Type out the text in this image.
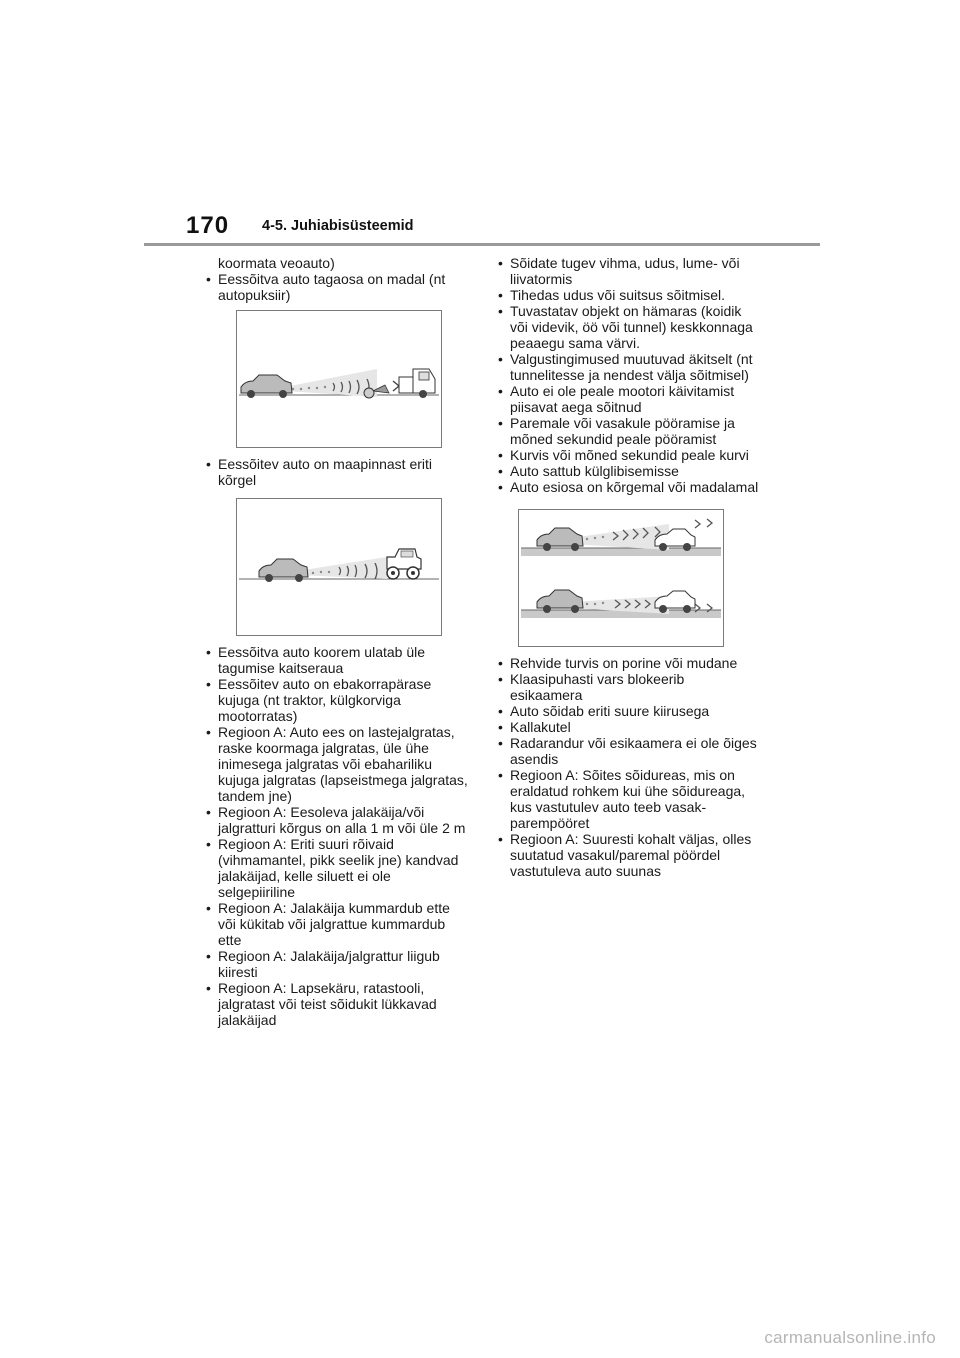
170 4-5. Juhiabisüsteemid
koormata veoauto)
• Eessõitva auto tagaosa on madal (nt autopuksiir)
• Eessõitev auto on maapinnast eriti kõrgel
• Eessõitva auto koorem ulatab üle tagumise kaitseraua
• Eessõitev auto on ebakorrapärase kujuga (nt traktor, külgkorviga mootorratas)
• Regioon A: Auto ees on lastejalgratas, raske koormaga jalgratas, üle ühe inimesega jalgratas või ebahariliku kujuga jalgratas (lapseistmega jalgratas, tandem jne)
• Regioon A: Eesoleva jalakäija/või jalgratturi kõrgus on alla 1 m või üle 2 m
• Regioon A: Eriti suuri rõivaid (vihmamantel, pikk seelik jne) kandvad jalakäijad, kelle siluett ei ole selgepiiriline
• Regioon A: Jalakäija kummardub ette või kükitab või jalgrattue kummardub ette
• Regioon A: Jalakäija/jalgrattur liigub kiiresti
• Regioon A: Lapsekäru, ratastooli, jalgratast või teist sõidukit lükkavad jalakäijad
• Sõidate tugev vihma, udus, lume- või liivatormis
• Tihedas udus või suitsus sõitmisel.
• Tuvastatav objekt on hämaras (koidik või videvik, öö või tunnel) keskkonnaga peaaegu sama värvi.
• Valgustingimused muutuvad äkitselt (nt tunnelitesse ja nendest välja sõitmisel)
• Auto ei ole peale mootori käivitamist piisavat aega sõitnud
• Paremale või vasakule pööramise ja mõned sekundid peale pööramist
• Kurvis või mõned sekundid peale kurvi
• Auto sattub külglibisemisse
• Auto esiosa on kõrgemal või madalamal
• Rehvide turvis on porine või mudane
• Klaasipuhasti vars blokeerib esikaamera
• Auto sõidab eriti suure kiirusega
• Kallakutel
• Radarandur või esikaamera ei ole õiges asendis
• Regioon A: Sõites sõidureas, mis on eraldatud rohkem kui ühe sõidureaga, kus vastutulev auto teeb vasak-parempööret
• Regioon A: Suuresti kohalt väljas, olles suutatud vasakul/paremal pöördel vastutuleva auto suunas
carmanualsonline.info
